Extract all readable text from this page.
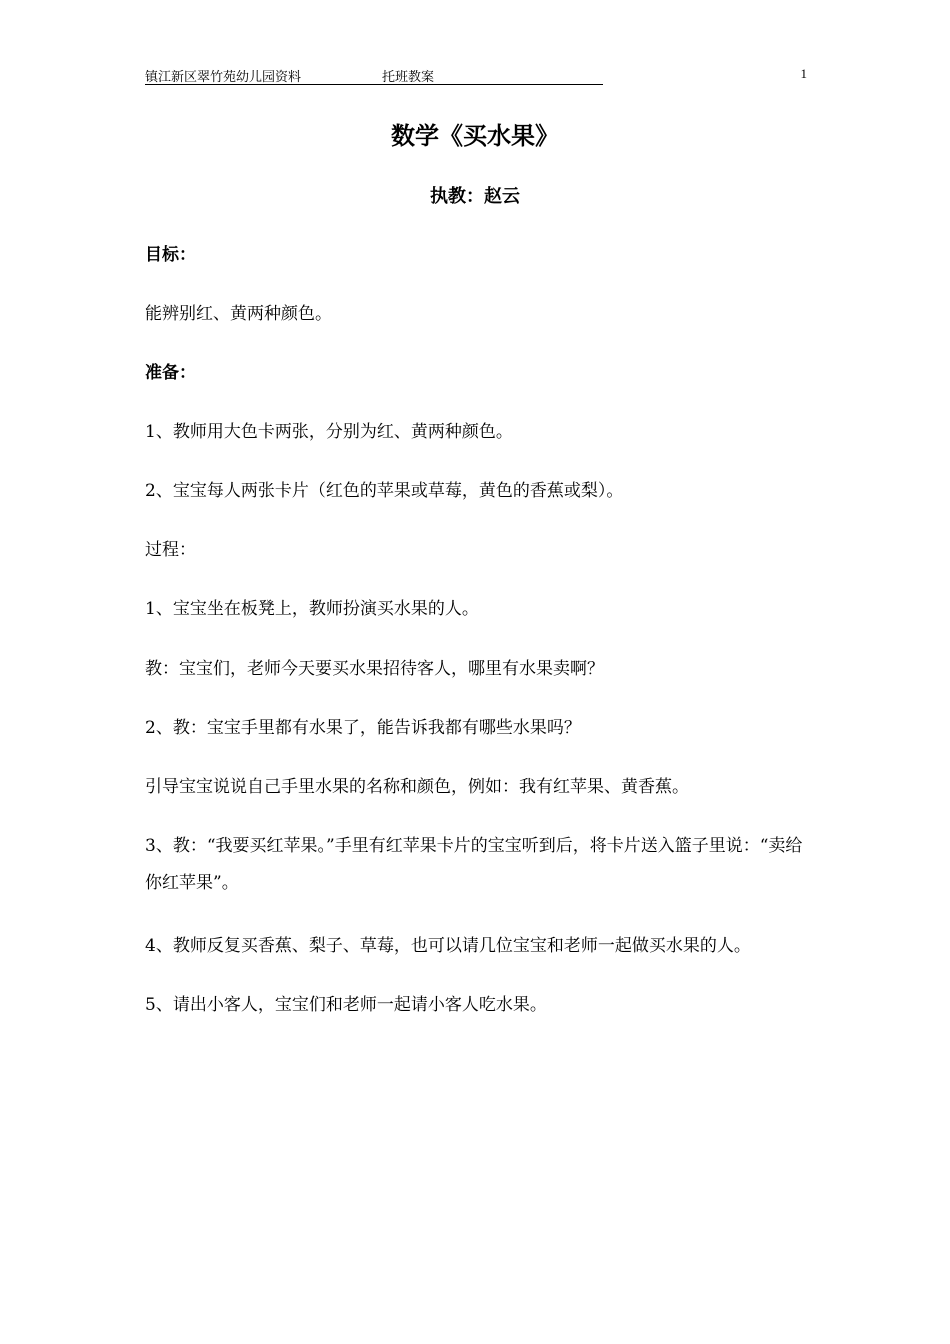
镇江新区翠竹苑幼儿园资料	托班教案	1
数学《买水果》
执教：赵云
目标：
能辨别红、黄两种颜色。
准备：
1、教师用大色卡两张，分别为红、黄两种颜色。
2、宝宝每人两张卡片（红色的苹果或草莓，黄色的香蕉或梨）。
过程：
1、宝宝坐在板凳上，教师扮演买水果的人。
教：宝宝们，老师今天要买水果招待客人，哪里有水果卖啊？
2、教：宝宝手里都有水果了，能告诉我都有哪些水果吗？
引导宝宝说说自己手里水果的名称和颜色，例如：我有红苹果、黄香蕉。
3、教：“我要买红苹果。”手里有红苹果卡片的宝宝听到后，将卡片送入篮子里说：“卖给你红苹果”。
4、教师反复买香蕉、梨子、草莓，也可以请几位宝宝和老师一起做买水果的人。
5、请出小客人，宝宝们和老师一起请小客人吃水果。
